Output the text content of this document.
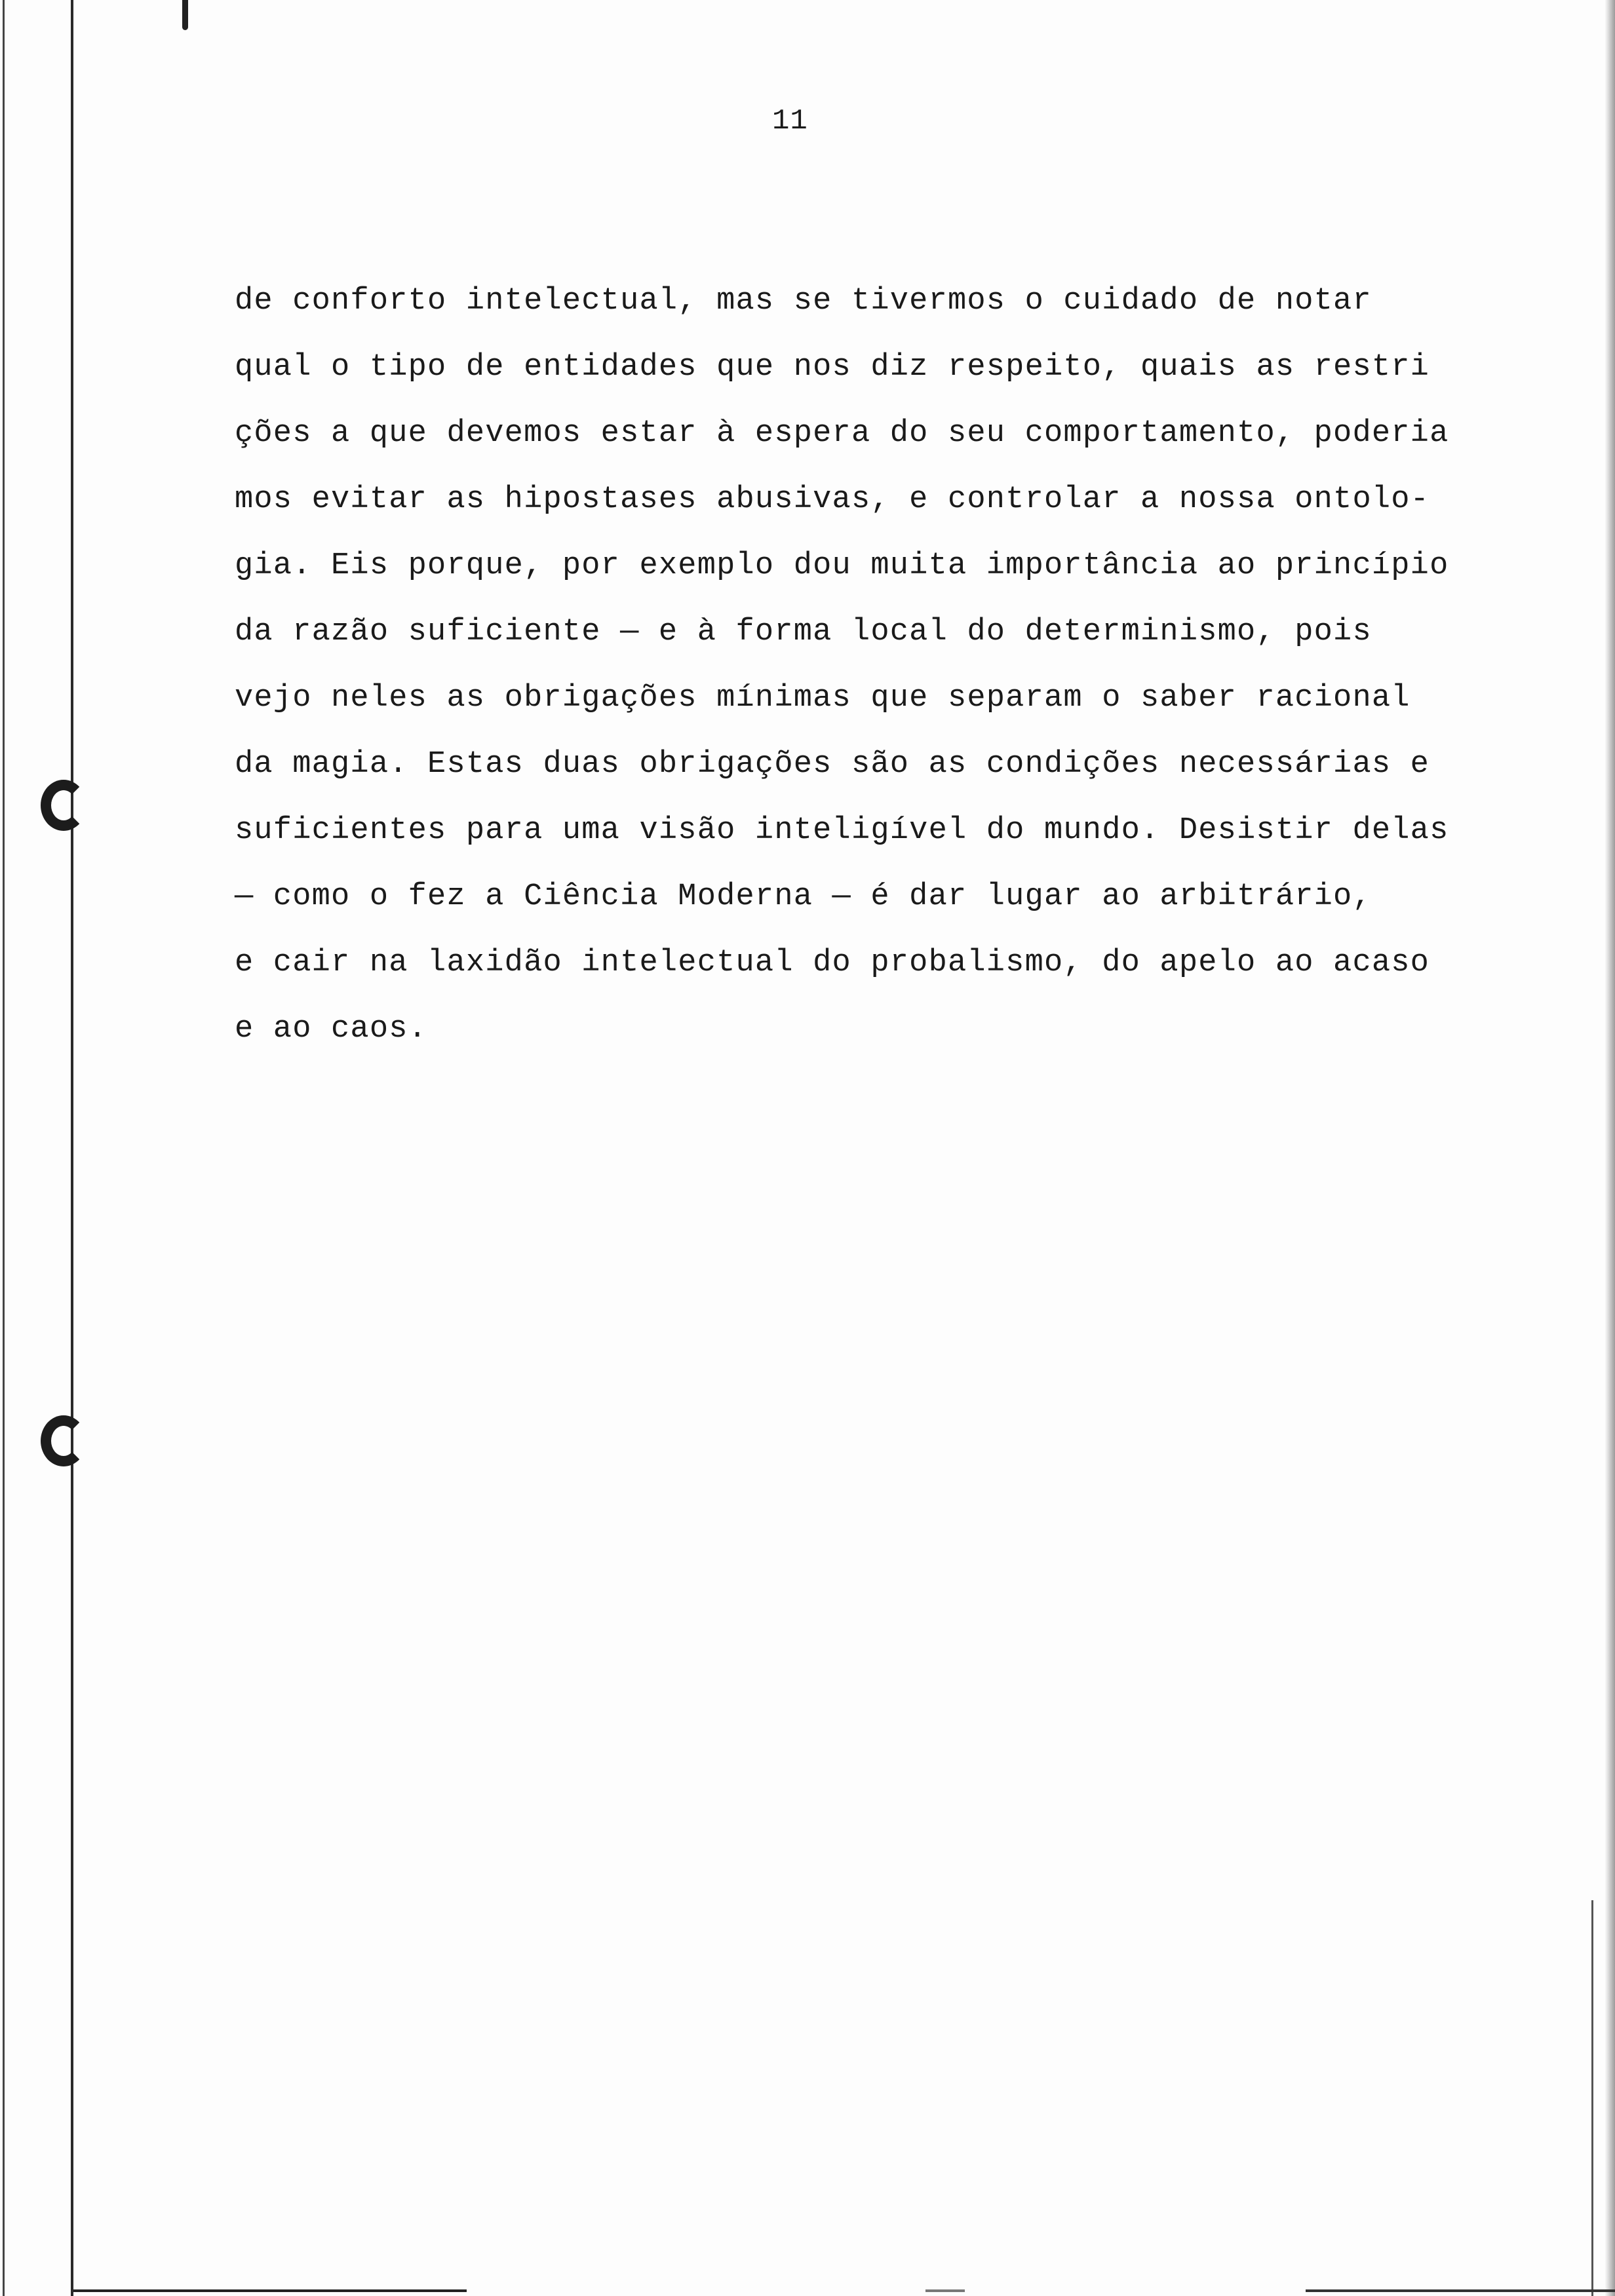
11
de conforto intelectual, mas se tivermos o cuidado de notar
qual o tipo de entidades que nos diz respeito, quais as restri
ções a que devemos estar à espera do seu comportamento, poderia
mos evitar as hipostases abusivas, e controlar a nossa ontolo-
gia. Eis porque, por exemplo dou muita importância ao princípio
da razão suficiente — e à forma local do determinismo, pois
vejo neles as obrigações mínimas que separam o saber racional
da magia. Estas duas obrigações são as condições necessárias e
suficientes para uma visão inteligível do mundo. Desistir delas
— como o fez a Ciência Moderna — é dar lugar ao arbitrário,
e cair na laxidão intelectual do probalismo, do apelo ao acaso
e ao caos.
